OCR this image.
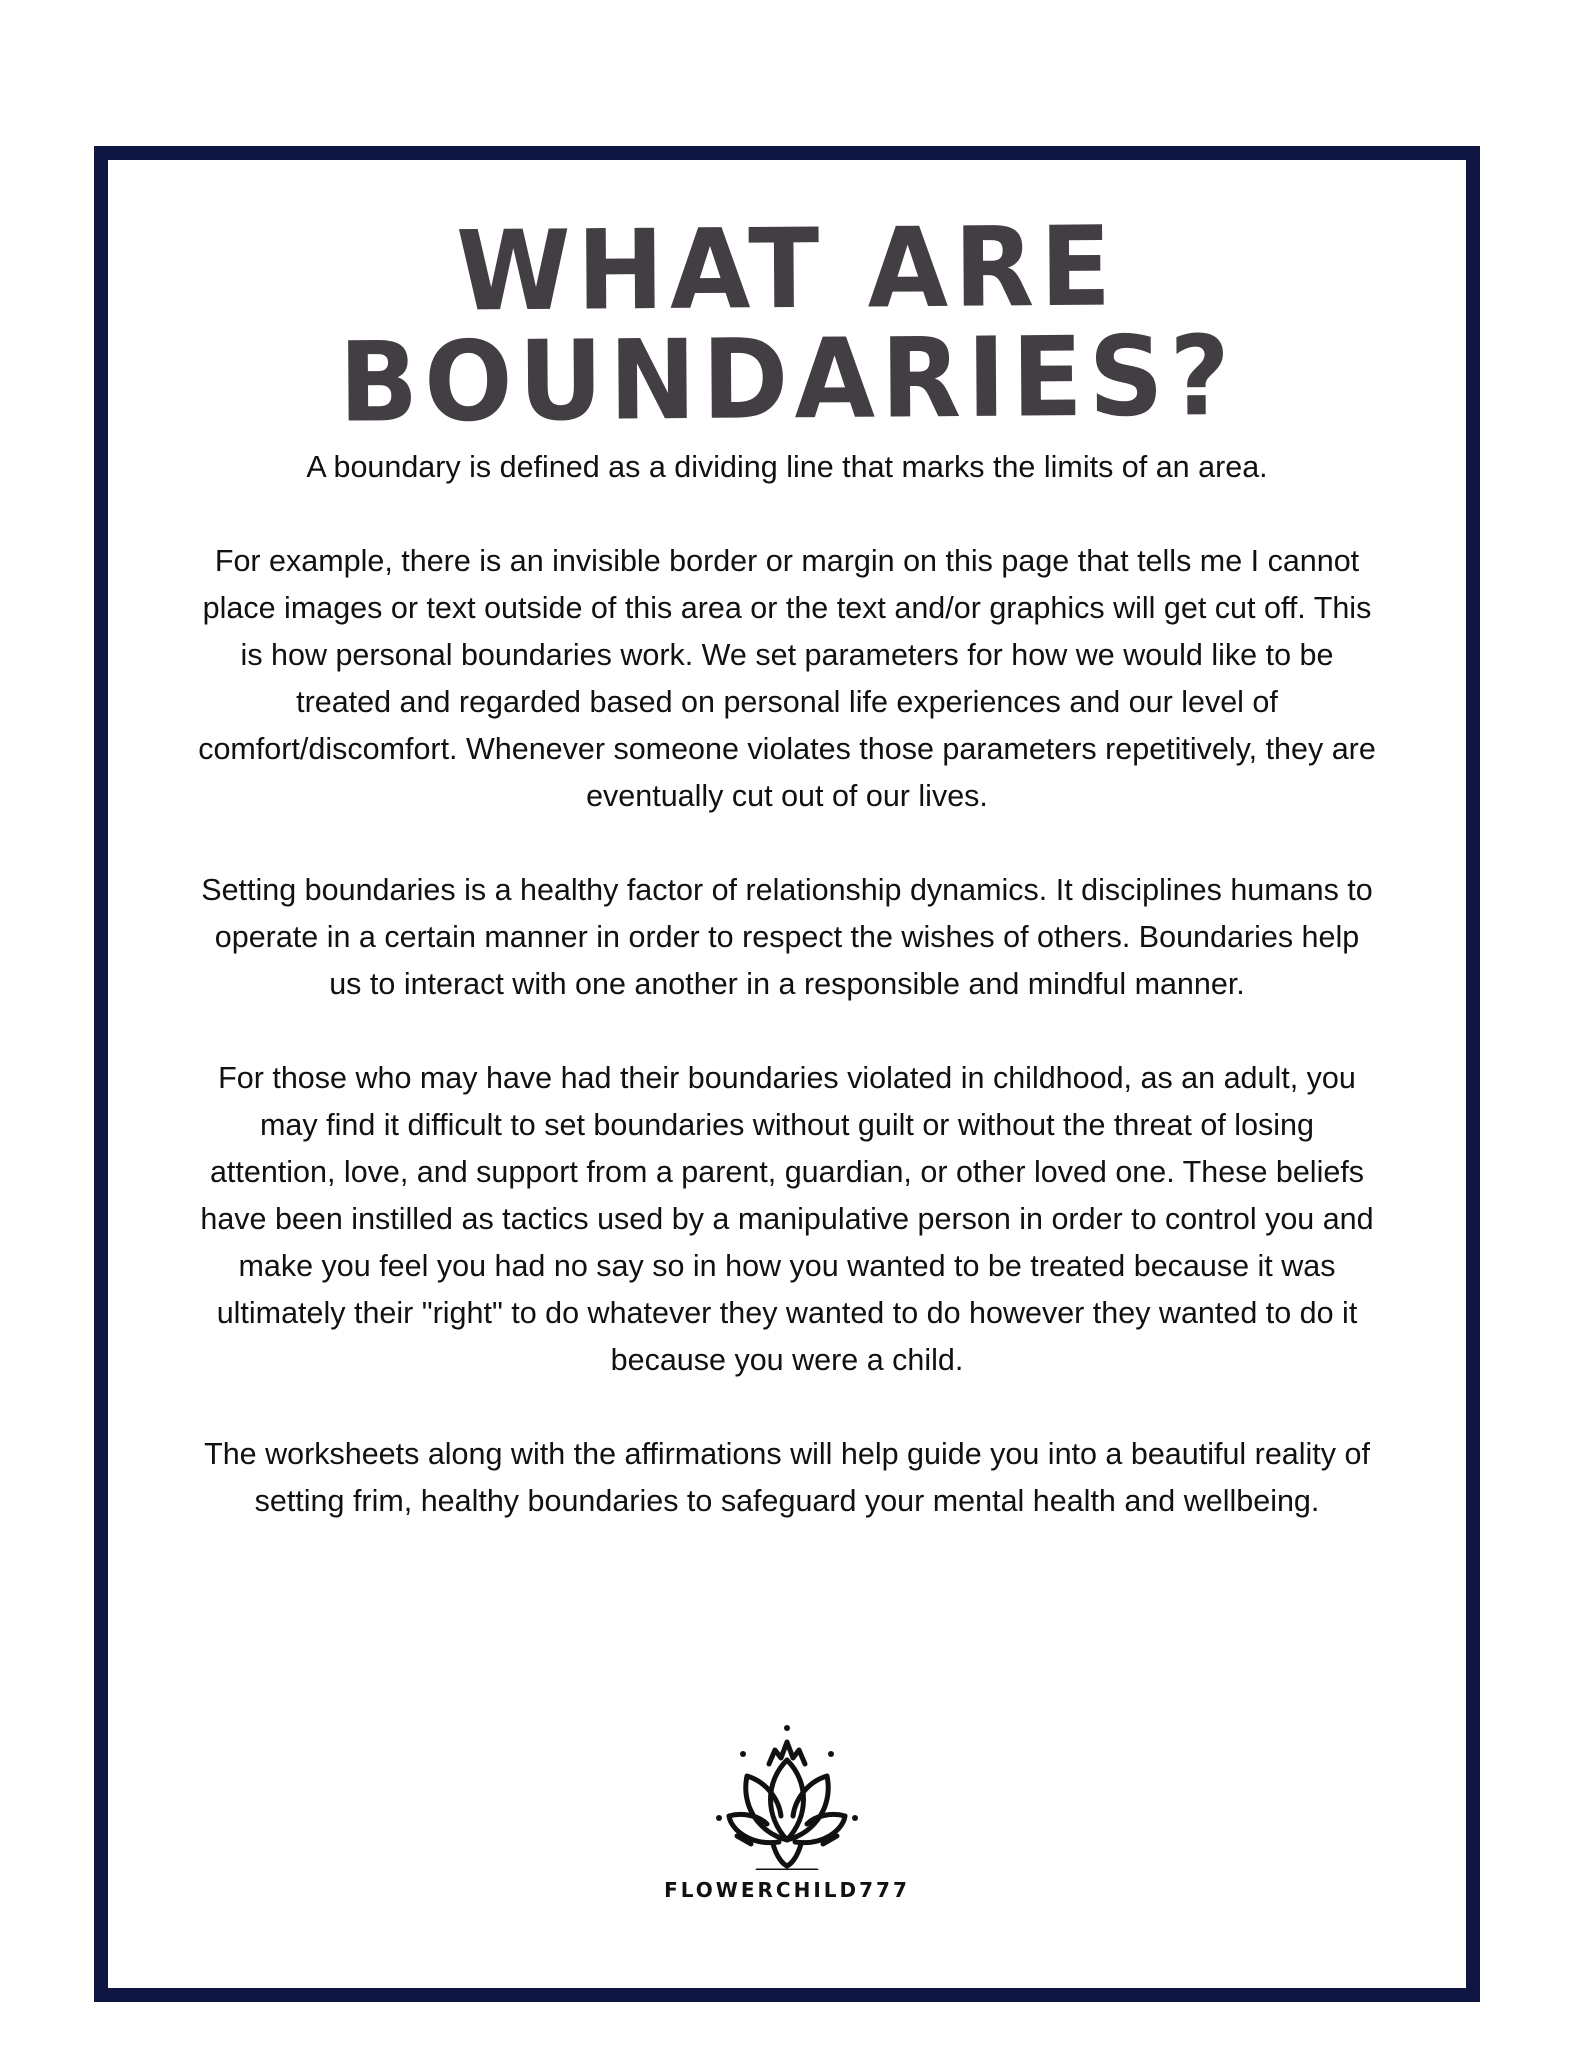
WHAT ARE BOUNDARIES?

A boundary is defined as a dividing line that marks the limits of an area.

For example, there is an invisible border or margin on this page that tells me I cannot place images or text outside of this area or the text and/or graphics will get cut off. This is how personal boundaries work. We set parameters for how we would like to be treated and regarded based on personal life experiences and our level of comfort/discomfort. Whenever someone violates those parameters repetitively, they are eventually cut out of our lives.

Setting boundaries is a healthy factor of relationship dynamics. It disciplines humans to operate in a certain manner in order to respect the wishes of others. Boundaries help us to interact with one another in a responsible and mindful manner.

For those who may have had their boundaries violated in childhood, as an adult, you may find it difficult to set boundaries without guilt or without the threat of losing attention, love, and support from a parent, guardian, or other loved one. These beliefs have been instilled as tactics used by a manipulative person in order to control you and make you feel you had no say so in how you wanted to be treated because it was ultimately their "right" to do whatever they wanted to do however they wanted to do it because you were a child.

The worksheets along with the affirmations will help guide you into a beautiful reality of setting frim, healthy boundaries to safeguard your mental health and wellbeing.

FLOWERCHILD777
